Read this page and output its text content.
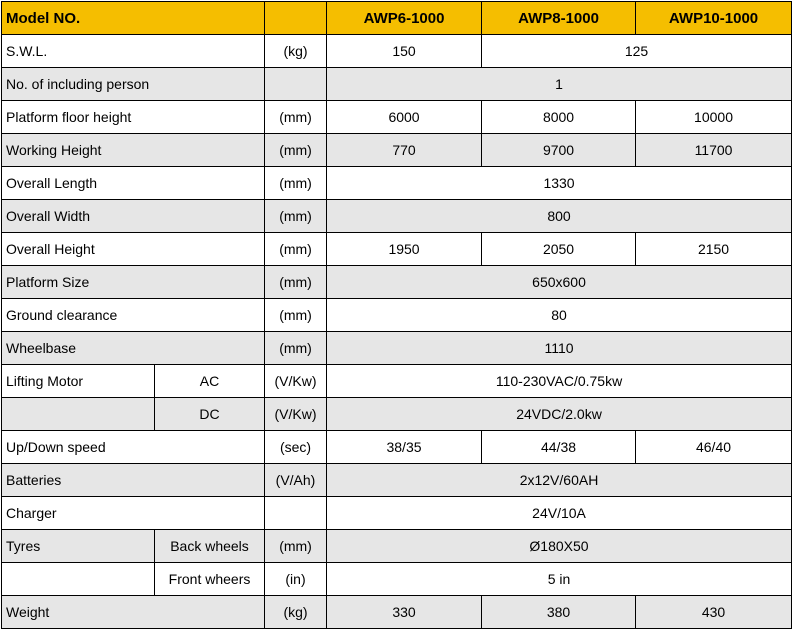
Model NO.			AWP6-1000	AWP8-1000	AWP10-1000
S.W.L.		(kg)	150	125	
No. of including person			1		
Platform floor height		(mm)	6000	8000	10000
Working Height		(mm)	770	9700	11700
Overall Length		(mm)	1330		
Overall Width		(mm)	800		
Overall Height		(mm)	1950	2050	2150
Platform Size		(mm)	650x600		
Ground clearance		(mm)	80		
Wheelbase		(mm)	1110		
Lifting Motor	AC	(V/Kw)	110-230VAC/0.75kw		
	DC	(V/Kw)	24VDC/2.0kw		
Up/Down speed		(sec)	38/35	44/38	46/40
Batteries		(V/Ah)	2x12V/60AH		
Charger			24V/10A		
Tyres	Back wheels	(mm)	Ø180X50		
	Front wheers	(in)	5 in		
Weight		(kg)	330	380	430
